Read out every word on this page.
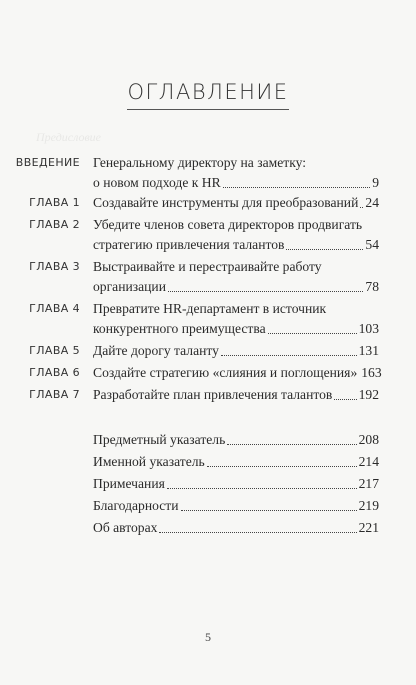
ОГЛАВЛЕНИЕ
Предисловие
ВВЕДЕНИЕ Генеральному директору на заметку:
о новом подходе к HR	9
ГЛАВА 1 Создавайте инструменты для преобразований 24
ГЛАВА 2 Убедите членов совета директоров продвигать
стратегию привлечения талантов	54
ГЛАВА 3 Выстраивайте и перестраивайте работу
организации	78
ГЛАВА 4 Превратите HR-департамент в источник
конкурентного преимущества	103
ГЛАВА 5 Дайте дорогу таланту	131
ГЛАВА 6 Создайте стратегию «слияния и поглощения» 163
ГЛАВА 7 Разработайте план привлечения талантов 192
Предметный указатель	208
Именной указатель	214
Примечания	217
Благодарности	219
Об авторах	221
5
